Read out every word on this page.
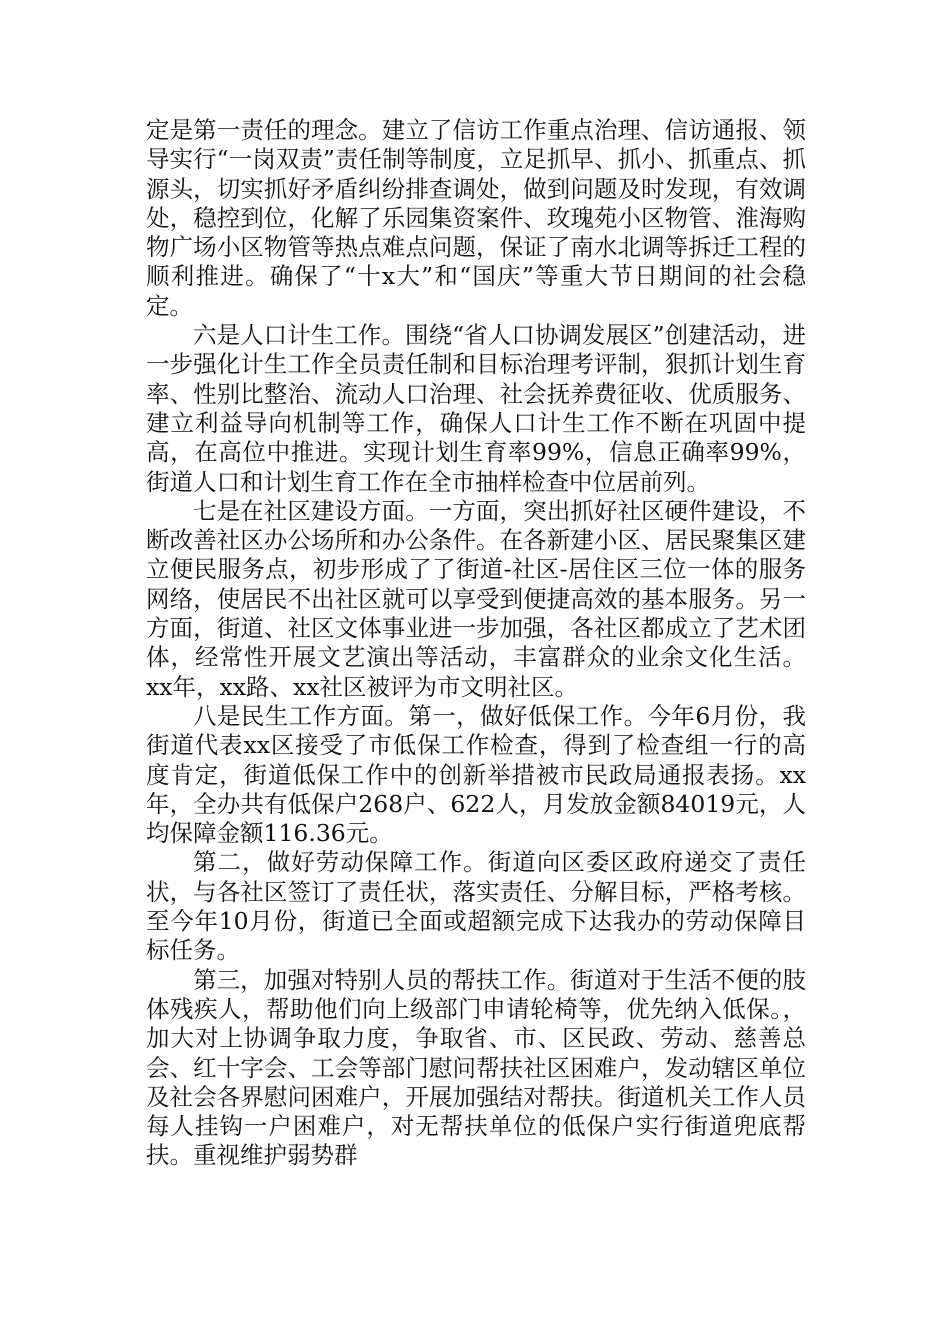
定是第一责任的理念。建立了信访工作重点治理、信访通报、领导实行“一岗双责”责任制等制度，立足抓早、抓小、抓重点、抓源头，切实抓好矛盾纠纷排查调处，做到问题及时发现，有效调处，稳控到位，化解了乐园集资案件、玫瑰苑小区物管、淮海购物广场小区物管等热点难点问题，保证了南水北调等拆迁工程的顺利推进。确保了“十x大”和“国庆”等重大节日期间的社会稳定。

六是人口计生工作。围绕“省人口协调发展区”创建活动，进一步强化计生工作全员责任制和目标治理考评制，狠抓计划生育率、性别比整治、流动人口治理、社会抚养费征收、优质服务、建立利益导向机制等工作，确保人口计生工作不断在巩固中提高，在高位中推进。实现计划生育率99%，信息正确率99%，街道人口和计划生育工作在全市抽样检查中位居前列。

七是在社区建设方面。一方面，突出抓好社区硬件建设，不断改善社区办公场所和办公条件。在各新建小区、居民聚集区建立便民服务点，初步形成了了街道-社区-居住区三位一体的服务网络，使居民不出社区就可以享受到便捷高效的基本服务。另一方面，街道、社区文体事业进一步加强，各社区都成立了艺术团体，经常性开展文艺演出等活动，丰富群众的业余文化生活。xx年，xx路、xx社区被评为市文明社区。

八是民生工作方面。第一，做好低保工作。今年6月份，我街道代表xx区接受了市低保工作检查，得到了检查组一行的高度肯定，街道低保工作中的创新举措被市民政局通报表扬。xx年，全办共有低保户268户、622人，月发放金额84019元，人均保障金额116.36元。

第二，做好劳动保障工作。街道向区委区政府递交了责任状，与各社区签订了责任状，落实责任、分解目标，严格考核。至今年10月份，街道已全面或超额完成下达我办的劳动保障目标任务。

第三，加强对特别人员的帮扶工作。街道对于生活不便的肢体残疾人，帮助他们向上级部门申请轮椅等，优先纳入低保。，加大对上协调争取力度，争取省、市、区民政、劳动、慈善总会、红十字会、工会等部门慰问帮扶社区困难户，发动辖区单位及社会各界慰问困难户，开展加强结对帮扶。街道机关工作人员每人挂钩一户困难户，对无帮扶单位的低保户实行街道兜底帮扶。重视维护弱势群
